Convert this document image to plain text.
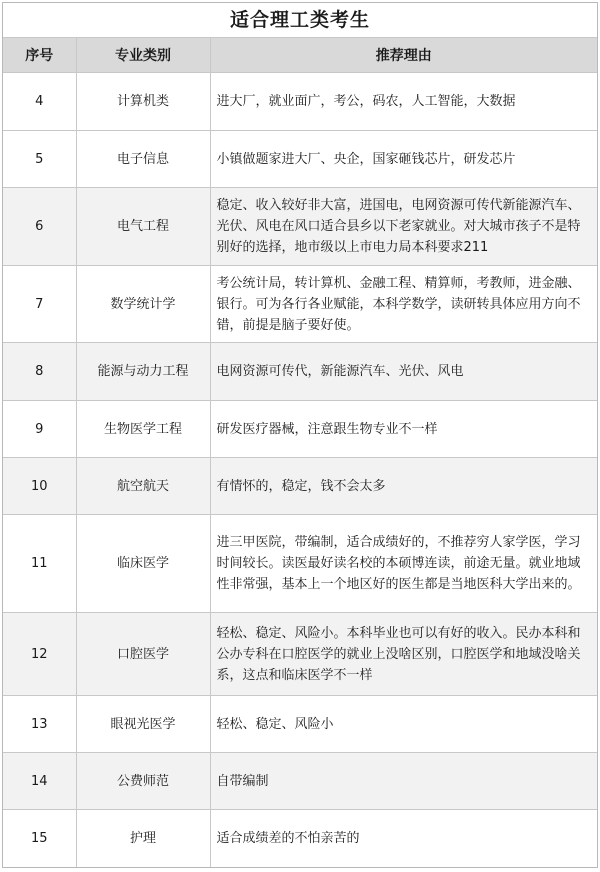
适合理工类考生
序号	专业类别	推荐理由
4	计算机类	进大厂，就业面广，考公，码农，人工智能，大数据
5	电子信息	小镇做题家进大厂、央企，国家砸钱芯片，研发芯片
6	电气工程	稳定、收入较好非大富，进国电，电网资源可传代新能源汽车、光伏、风电在风口适合县乡以下老家就业。对大城市孩子不是特别好的选择，地市级以上市电力局本科要求211
7	数学统计学	考公统计局，转计算机、金融工程、精算师，考教师，进金融、银行。可为各行各业赋能，本科学数学，读研转具体应用方向不错，前提是脑子要好使。
8	能源与动力工程	电网资源可传代，新能源汽车、光伏、风电
9	生物医学工程	研发医疗器械，注意跟生物专业不一样
10	航空航天	有情怀的，稳定，钱不会太多
11	临床医学	进三甲医院，带编制，适合成绩好的，不推荐穷人家学医，学习时间较长。读医最好读名校的本硕博连读，前途无量。就业地域性非常强，基本上一个地区好的医生都是当地医科大学出来的。
12	口腔医学	轻松、稳定、风险小。本科毕业也可以有好的收入。民办本科和公办专科在口腔医学的就业上没啥区别，口腔医学和地域没啥关系，这点和临床医学不一样
13	眼视光医学	轻松、稳定、风险小
14	公费师范	自带编制
15	护理	适合成绩差的不怕亲苦的
